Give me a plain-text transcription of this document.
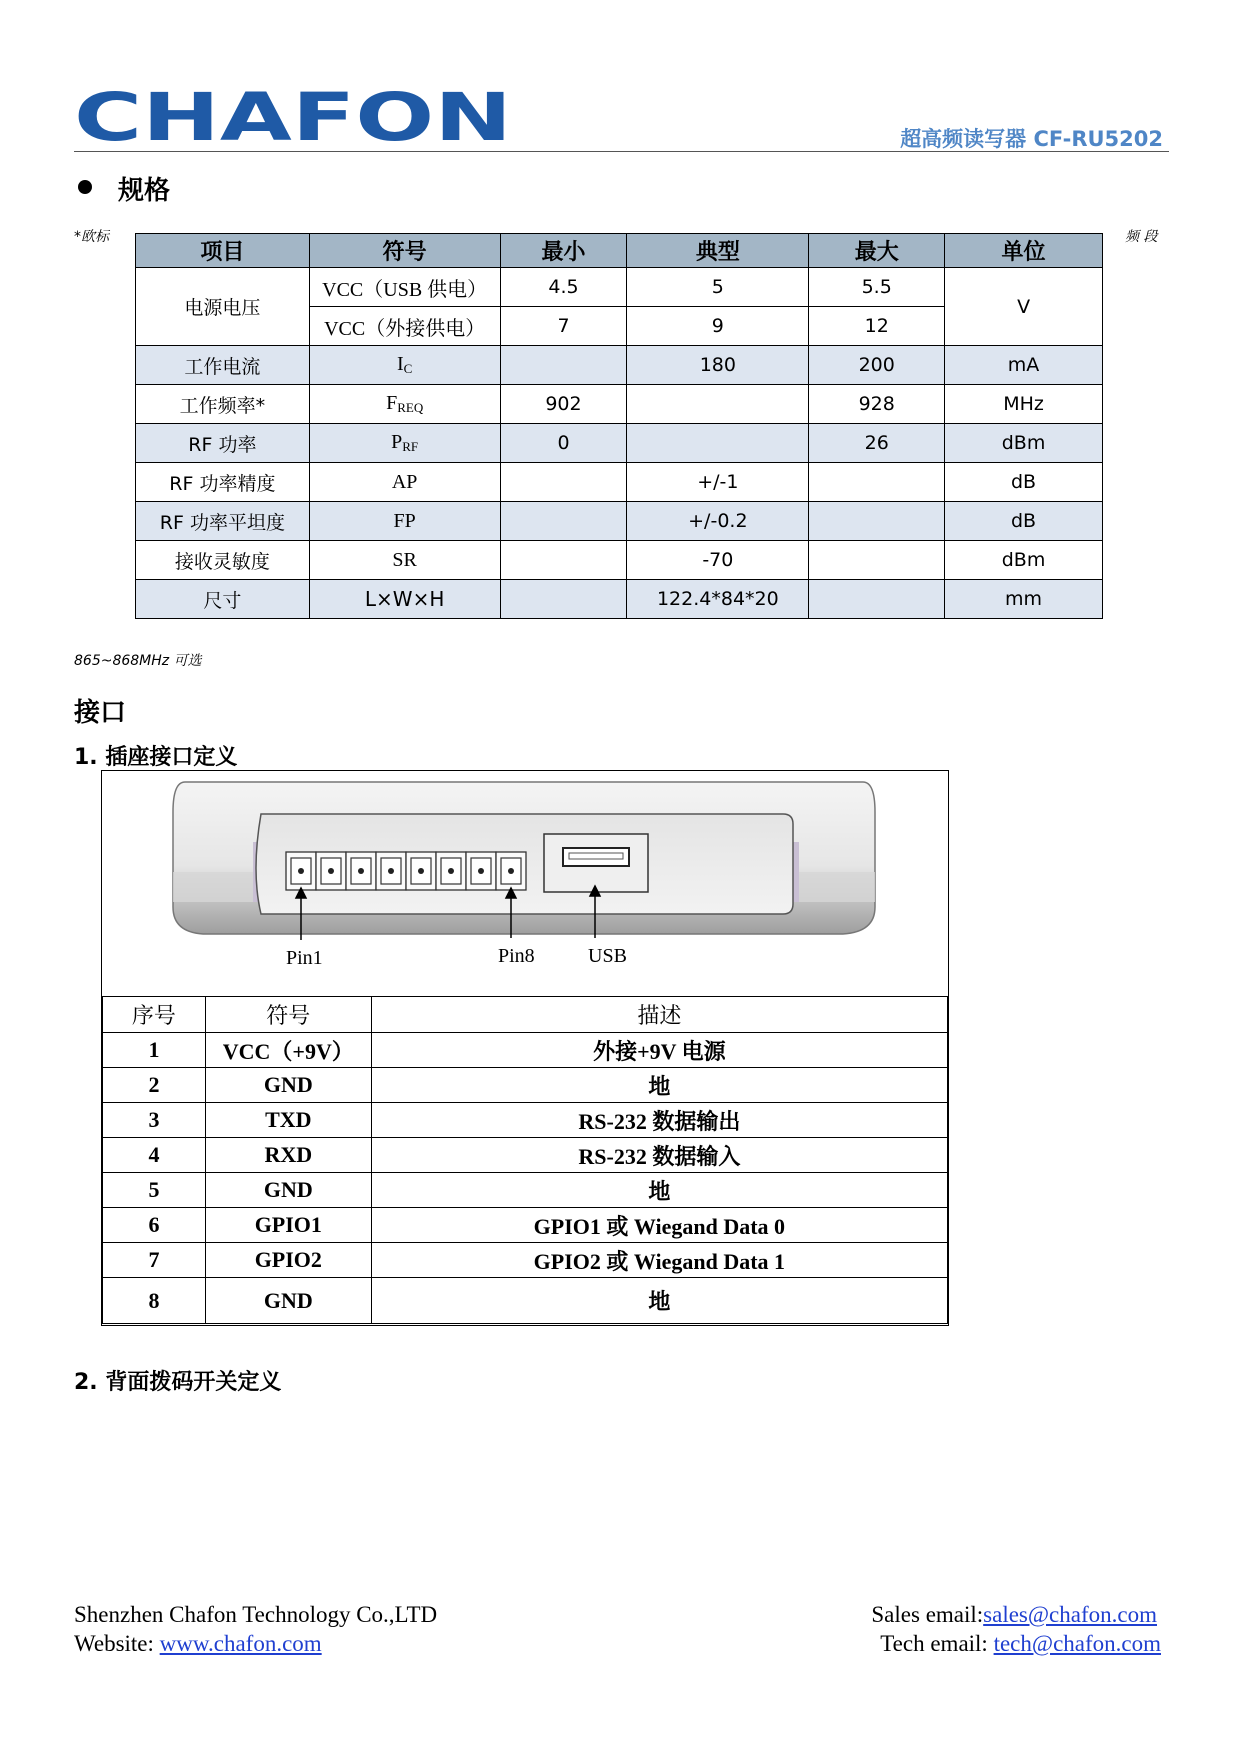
CHAFON	超高频读写器 CF-RU5202
规格
*欧标	频 段
项目	符号	最小	典型	最大	单位
电源电压	VCC（USB 供电）	4.5	5	5.5	V
	VCC（外接供电）	7	9	12	
工作电流	$I_C$		180	200	mA
工作频率*	$F_{REQ}$	902		928	MHz
RF 功率	$P_{RF}$	0		26	dBm
RF 功率精度	AP		+/-1		dB
RF 功率平坦度	FP		+/-0.2		dB
接收灵敏度	SR		-70		dBm
尺寸	L×W×H		122.4*84*20		mm
865~868MHz 可选
接口
1. 插座接口定义
Pin1	Pin8	USB
序号	符号	描述
1	VCC（+9V）	外接+9V 电源
2	GND	地
3	TXD	RS-232 数据输出
4	RXD	RS-232 数据输入
5	GND	地
6	GPIO1	GPIO1 或 Wiegand Data 0
7	GPIO2	GPIO2 或 Wiegand Data 1
8	GND	地
2. 背面拨码开关定义
Shenzhen Chafon Technology Co.,LTD
Website: www.chafon.com
Sales email:sales@chafon.com
Tech email: tech@chafon.com
